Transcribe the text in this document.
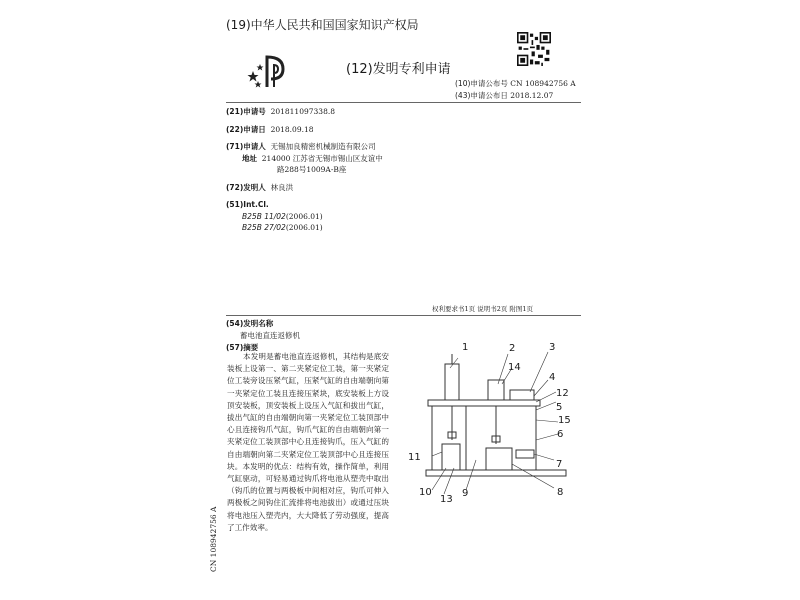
(19)中华人民共和国国家知识产权局
(12)发明专利申请
(10)申请公布号 CN 108942756 A
(43)申请公布日 2018.12.07
(21)申请号 201811097338.8
(22)申请日 2018.09.18
(71)申请人 无锡加良精密机械制造有限公司
地址 214000 江苏省无锡市锡山区友谊中
路288号1009A-B座
(72)发明人 林良洪
(51)Int.Cl.
B25B 11/02(2006.01)
B25B 27/02(2006.01)
权利要求书1页 说明书2页 附图1页
(54)发明名称
蓄电池直连返修机
(57)摘要
本发明是蓄电池直连返修机，其结构是底安装板上设第一、第二夹紧定位工装，第一夹紧定位工装旁设压紧气缸，压紧气缸的自由端朝向第一夹紧定位工装且连接压紧块，底安装板上方设顶安装板，顶安装板上设压入气缸和拔出气缸，拔出气缸的自由端朝向第一夹紧定位工装顶部中心且连接钩爪气缸，钩爪气缸的自由端朝向第一夹紧定位工装顶部中心且连接钩爪，压入气缸的自由端朝向第二夹紧定位工装顶部中心且连接压块。本发明的优点：结构有效，操作简单，利用气缸驱动，可轻易通过钩爪将电池从塑壳中取出（钩爪的位置与两极板中间相对应，钩爪可伸入两极板之间钩住汇流排将电池拔出）或通过压块将电池压入塑壳内，大大降低了劳动强度，提高了工作效率。
CN 108942756 A
1	2	3
14
4
12
5
15
6
7
11
8
10
13
9
